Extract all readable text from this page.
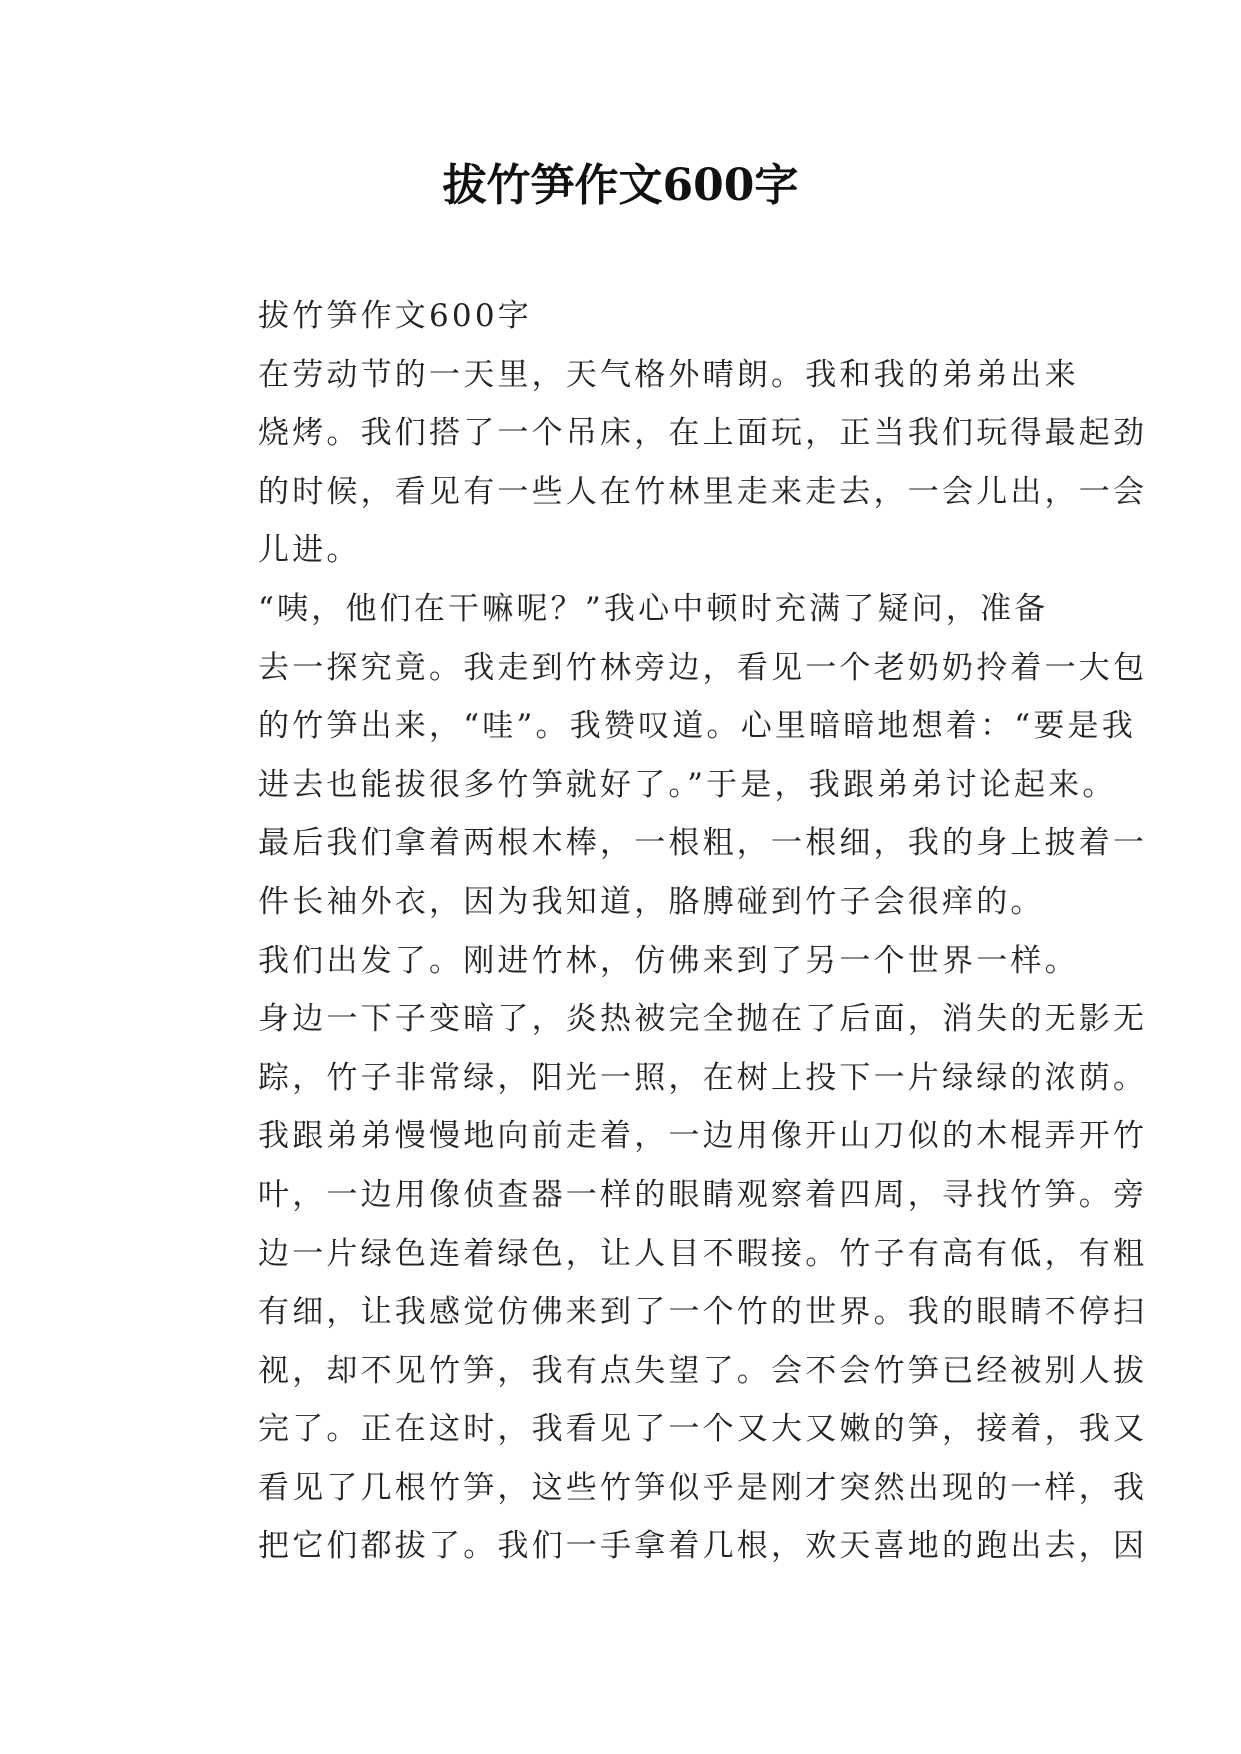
拔竹笋作文600字

拔竹笋作文600字

在劳动节的一天里，天气格外晴朗。我和我的弟弟出来
烧烤。我们搭了一个吊床，在上面玩，正当我们玩得最起劲
的时候，看见有一些人在竹林里走来走去，一会儿出，一会
儿进。

“咦，他们在干嘛呢？”我心中顿时充满了疑问，准备
去一探究竟。我走到竹林旁边，看见一个老奶奶拎着一大包
的竹笋出来，“哇”。我赞叹道。心里暗暗地想着：“要是我
进去也能拔很多竹笋就好了。”于是，我跟弟弟讨论起来。
最后我们拿着两根木棒，一根粗，一根细，我的身上披着一
件长袖外衣，因为我知道，胳膊碰到竹子会很痒的。

我们出发了。刚进竹林，仿佛来到了另一个世界一样。
身边一下子变暗了，炎热被完全抛在了后面，消失的无影无
踪，竹子非常绿，阳光一照，在树上投下一片绿绿的浓荫。
我跟弟弟慢慢地向前走着，一边用像开山刀似的木棍弄开竹
叶，一边用像侦查器一样的眼睛观察着四周，寻找竹笋。旁
边一片绿色连着绿色，让人目不暇接。竹子有高有低，有粗
有细，让我感觉仿佛来到了一个竹的世界。我的眼睛不停扫
视，却不见竹笋，我有点失望了。会不会竹笋已经被别人拔
完了。正在这时，我看见了一个又大又嫩的笋，接着，我又
看见了几根竹笋，这些竹笋似乎是刚才突然出现的一样，我
把它们都拔了。我们一手拿着几根，欢天喜地的跑出去，因
